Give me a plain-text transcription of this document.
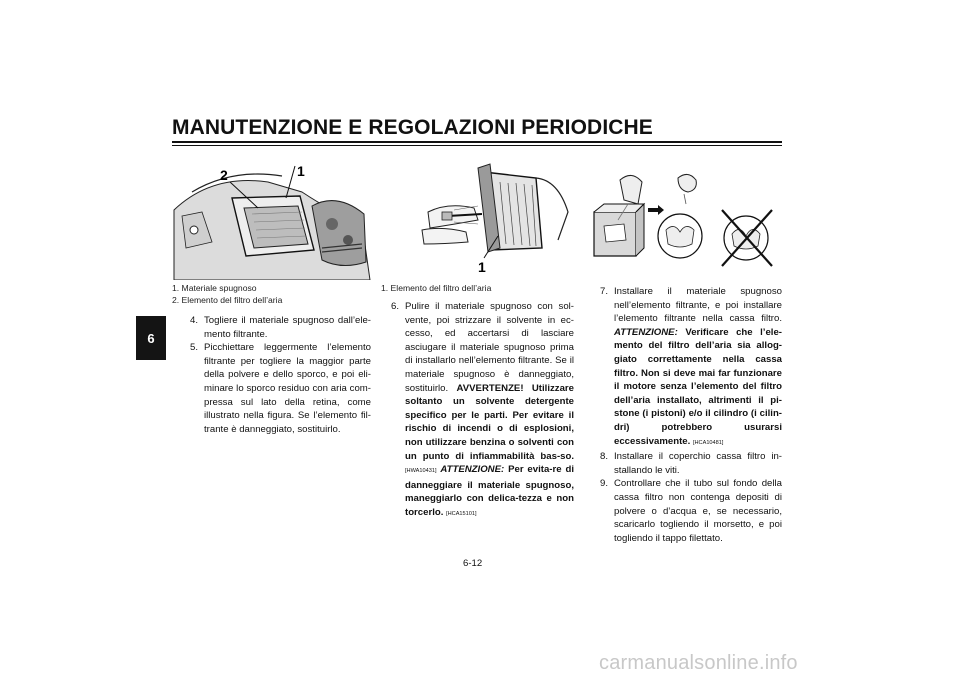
MANUTENZIONE E REGOLAZIONI PERIODICHE
6
2	1
1. Materiale spugnoso
2. Elemento del filtro dell’aria
1
1. Elemento del filtro dell’aria
4. Togliere il materiale spugnoso dall’ele-mento filtrante.
5. Picchiettare leggermente l’elemento filtrante per togliere la maggior parte della polvere e dello sporco, e poi eli-minare lo sporco residuo con aria com-pressa sul lato della retina, come illustrato nella figura. Se l’elemento fil-trante è danneggiato, sostituirlo.
6. Pulire il materiale spugnoso con sol-vente, poi strizzare il solvente in ec-cesso, ed accertarsi di lasciare asciugare il materiale spugnoso prima di installarlo nell’elemento filtrante. Se il materiale spugnoso è danneggiato, sostituirlo. AVVERTENZE! Utilizzare soltanto un solvente detergente specifico per le parti. Per evitare il rischio di incendi o di esplosioni, non utilizzare benzina o solventi con un punto di infiammabilità bas-so. [HWA10431] ATTENZIONE: Per evita-re di danneggiare il materiale spugnoso, maneggiarlo con delica-tezza e non torcerlo. [HCA15101]
7. Installare il materiale spugnoso nell’elemento filtrante, e poi installare l’elemento filtrante nella cassa filtro. ATTENZIONE: Verificare che l’ele-mento del filtro dell’aria sia allog-giato correttamente nella cassa filtro. Non si deve mai far funzionare il motore senza l’elemento del filtro dell’aria installato, altrimenti il pi-stone (i pistoni) e/o il cilindro (i cilin-dri) potrebbero usurarsi eccessivamente. [HCA10481]
8. Installare il coperchio cassa filtro in-stallando le viti.
9. Controllare che il tubo sul fondo della cassa filtro non contenga depositi di polvere o d’acqua e, se necessario, scaricarlo togliendo il morsetto, e poi togliendo il tappo filettato.
6-12
carmanualsonline.info
